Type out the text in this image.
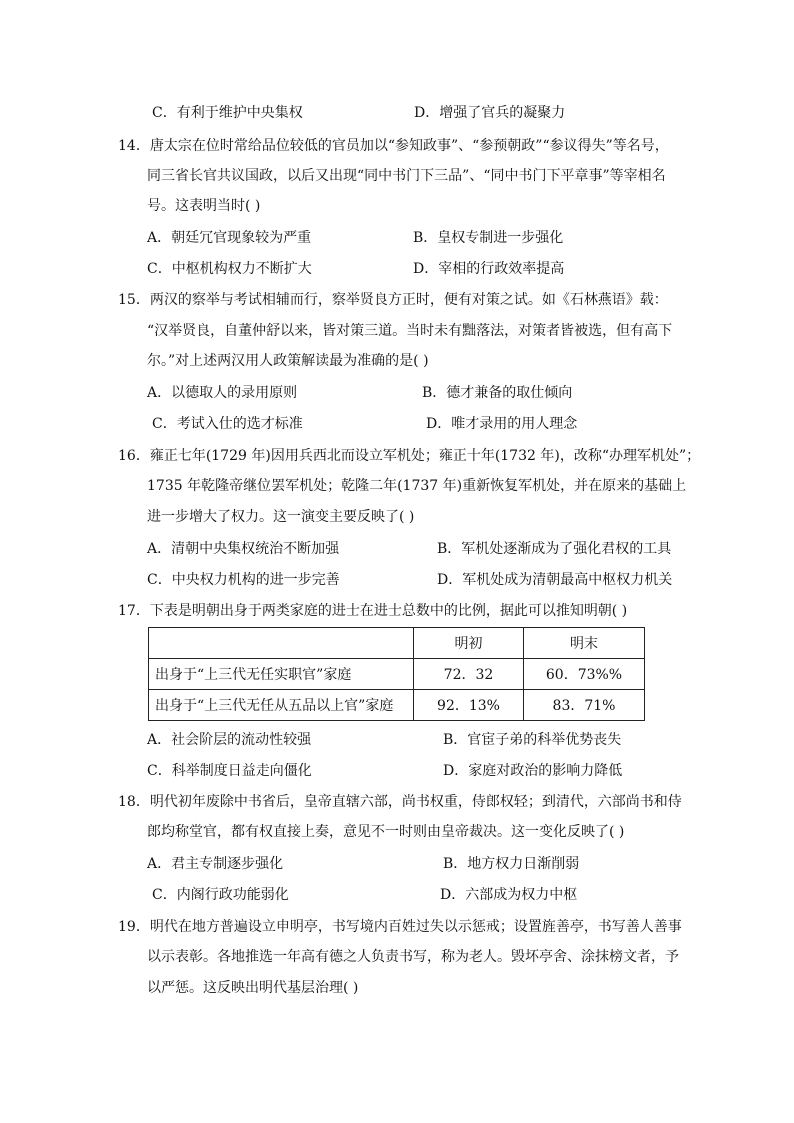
C．有利于维护中央集权	D．增强了官兵的凝聚力
14．唐太宗在位时常给品位较低的官员加以“参知政事”、“参预朝政”“参议得失”等名号，
同三省长官共议国政，以后又出现“同中书门下三品”、“同中书门下平章事”等宰相名
号。这表明当时( )
A．朝廷冗官现象较为严重	B．皇权专制进一步强化
C．中枢机构权力不断扩大	D．宰相的行政效率提高
15．两汉的察举与考试相辅而行，察举贤良方正时，便有对策之试。如《石林燕语》载：
“汉举贤良，自董仲舒以来，皆对策三道。当时未有黜落法，对策者皆被选，但有高下
尔。”对上述两汉用人政策解读最为准确的是( )
A．以德取人的录用原则	B．德才兼备的取仕倾向
C．考试入仕的选才标准	D．唯才录用的用人理念
16．雍正七年(1729 年)因用兵西北而设立军机处；雍正十年(1732 年)，改称“办理军机处”；
1735 年乾隆帝继位罢军机处；乾隆二年(1737 年)重新恢复军机处，并在原来的基础上
进一步增大了权力。这一演变主要反映了( )
A．清朝中央集权统治不断加强	B．军机处逐渐成为了强化君权的工具
C．中央权力机构的进一步完善	D．军机处成为清朝最高中枢权力机关
17．下表是明朝出身于两类家庭的进士在进士总数中的比例，据此可以推知明朝( )
	明初	明末
出身于“上三代无任实职官”家庭	72．32	60．73%%
出身于“上三代无任从五品以上官”家庭	92．13%	83．71%
A．社会阶层的流动性较强	B．官宦子弟的科举优势丧失
C．科举制度日益走向僵化	D．家庭对政治的影响力降低
18．明代初年废除中书省后，皇帝直辖六部，尚书权重，侍郎权轻；到清代，六部尚书和侍
郎均称堂官，都有权直接上奏，意见不一时则由皇帝裁决。这一变化反映了( )
A．君主专制逐步强化	B．地方权力日渐削弱
C．内阁行政功能弱化	D．六部成为权力中枢
19．明代在地方普遍设立申明亭，书写境内百姓过失以示惩戒；设置旌善亭，书写善人善事
以示表彰。各地推选一年高有德之人负责书写，称为老人。毁坏亭舍、涂抹榜文者，予
以严惩。这反映出明代基层治理( )
